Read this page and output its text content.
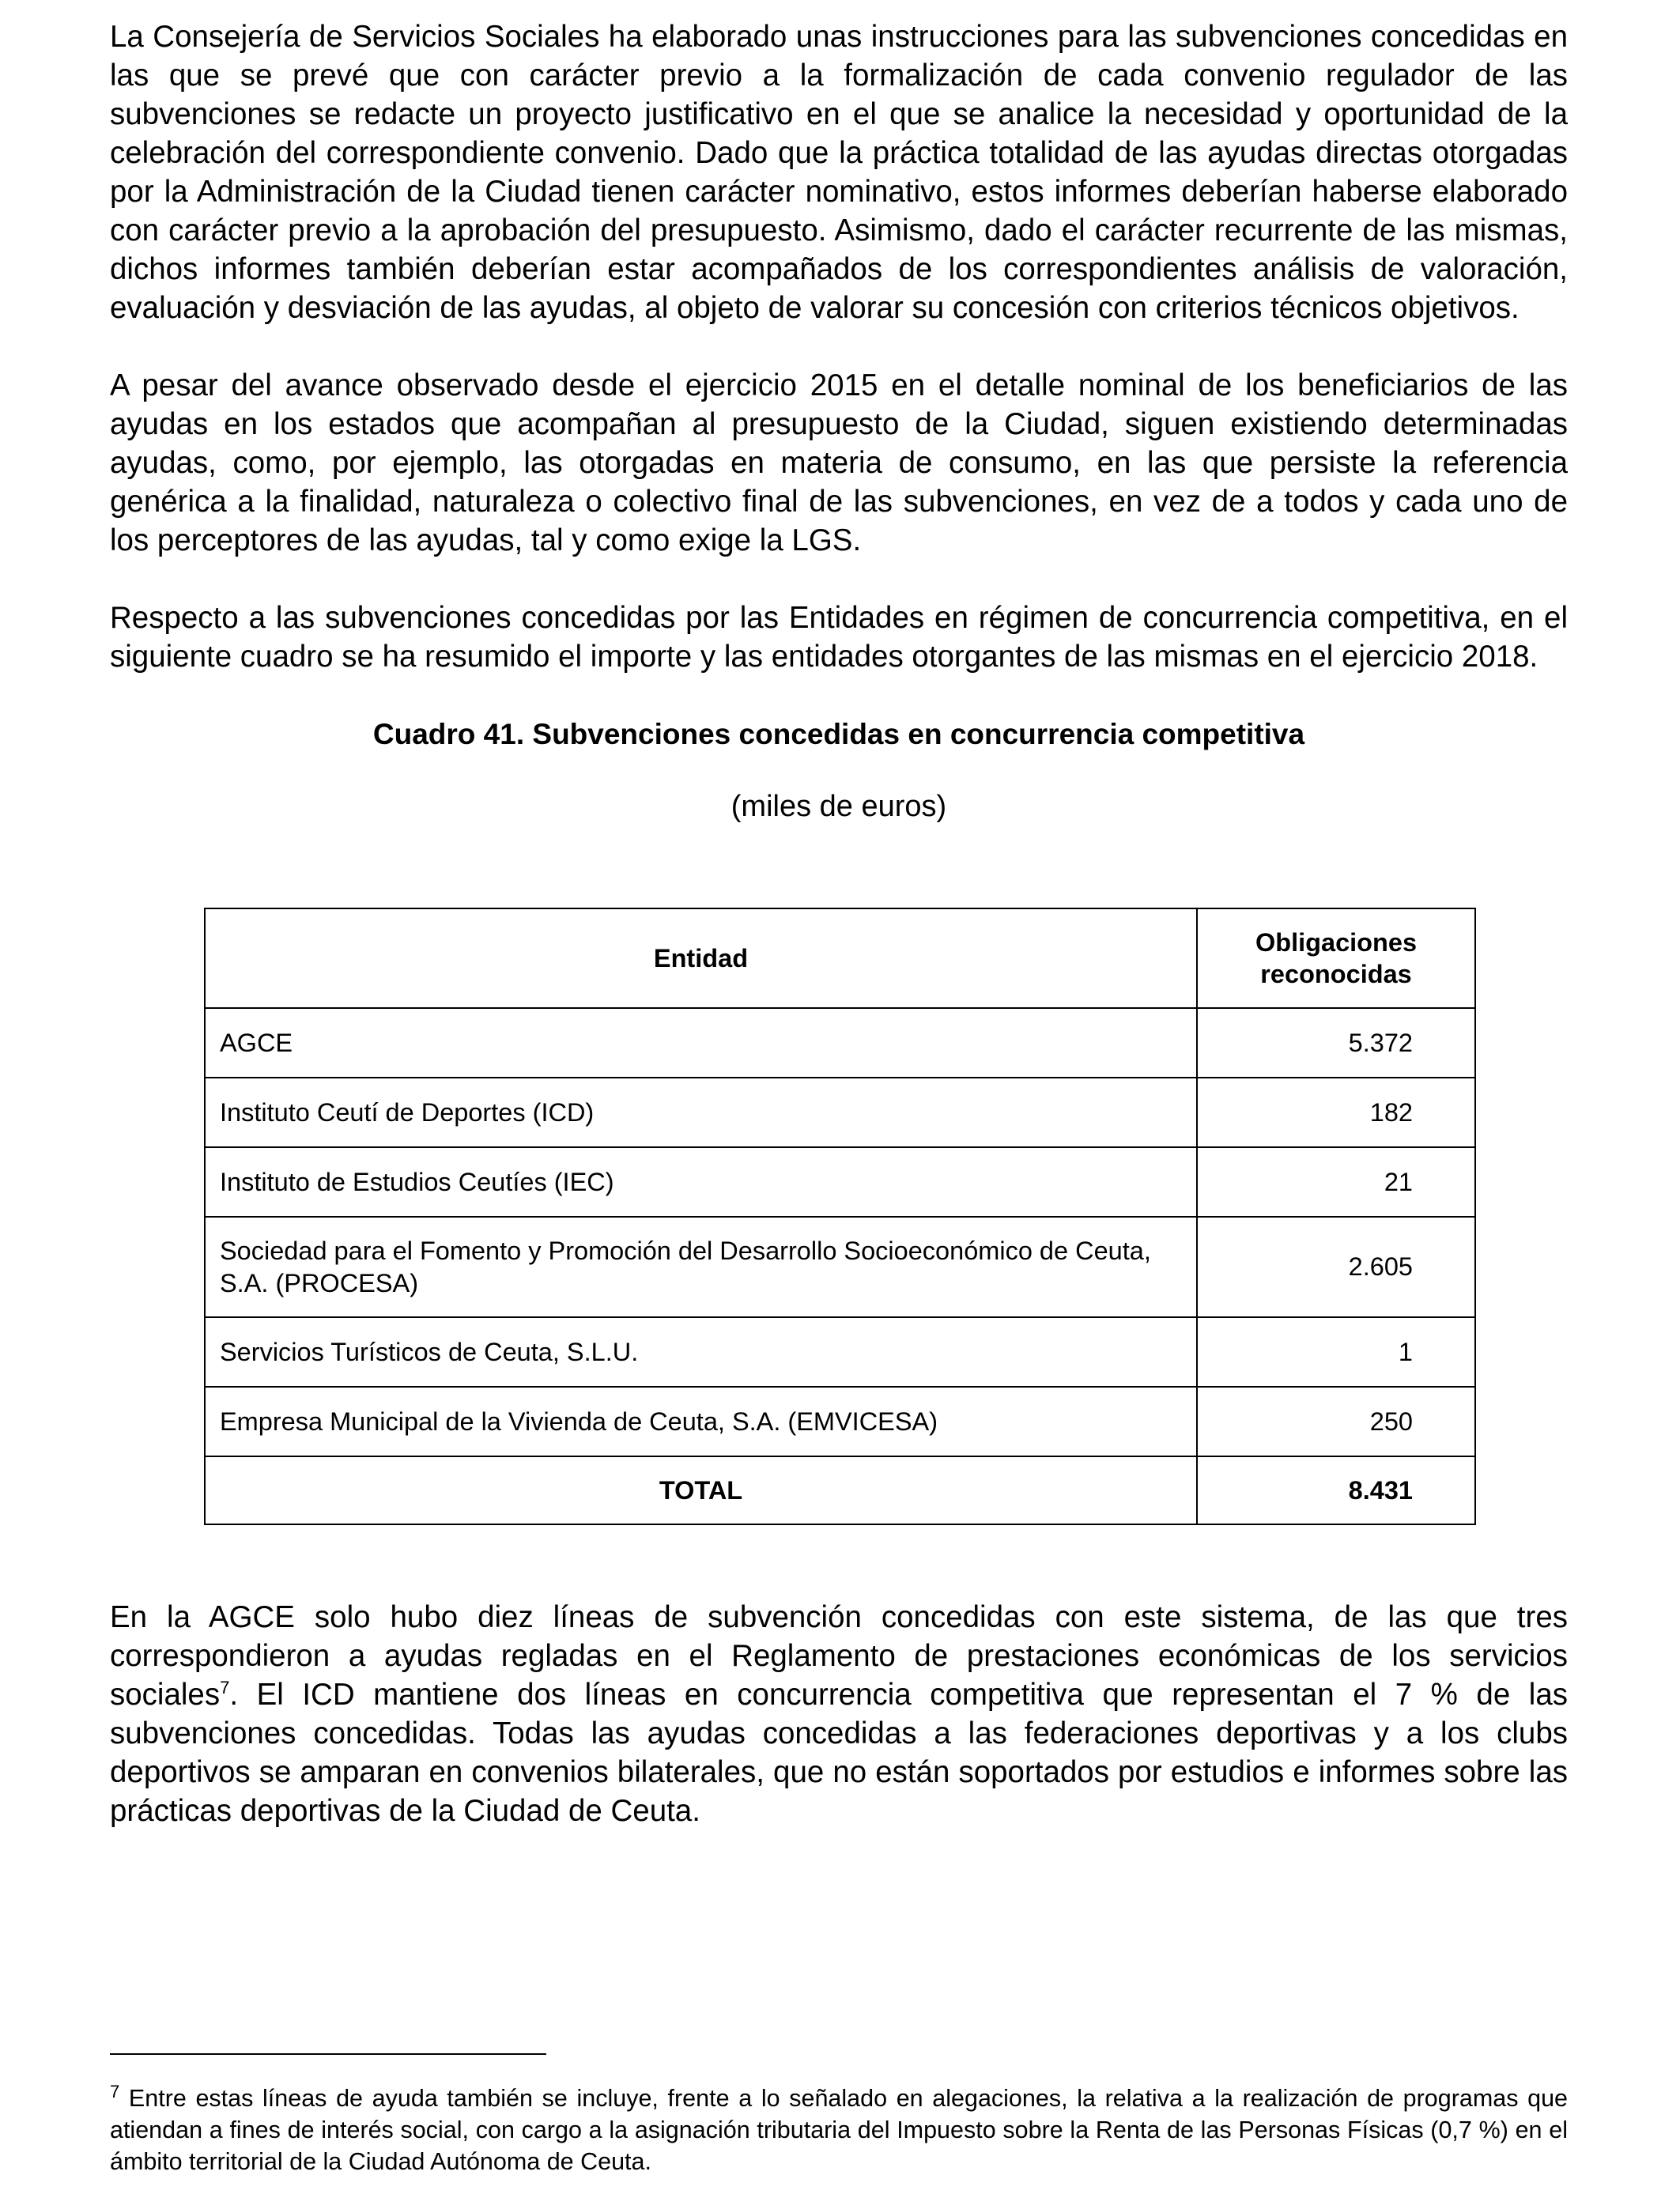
La Consejería de Servicios Sociales ha elaborado unas instrucciones para las subvenciones concedidas en las que se prevé que con carácter previo a la formalización de cada convenio regulador de las subvenciones se redacte un proyecto justificativo en el que se analice la necesidad y oportunidad de la celebración del correspondiente convenio. Dado que la práctica totalidad de las ayudas directas otorgadas por la Administración de la Ciudad tienen carácter nominativo, estos informes deberían haberse elaborado con carácter previo a la aprobación del presupuesto. Asimismo, dado el carácter recurrente de las mismas, dichos informes también deberían estar acompañados de los correspondientes análisis de valoración, evaluación y desviación de las ayudas, al objeto de valorar su concesión con criterios técnicos objetivos.

A pesar del avance observado desde el ejercicio 2015 en el detalle nominal de los beneficiarios de las ayudas en los estados que acompañan al presupuesto de la Ciudad, siguen existiendo determinadas ayudas, como, por ejemplo, las otorgadas en materia de consumo, en las que persiste la referencia genérica a la finalidad, naturaleza o colectivo final de las subvenciones, en vez de a todos y cada uno de los perceptores de las ayudas, tal y como exige la LGS.

Respecto a las subvenciones concedidas por las Entidades en régimen de concurrencia competitiva, en el siguiente cuadro se ha resumido el importe y las entidades otorgantes de las mismas en el ejercicio 2018.

Cuadro 41. Subvenciones concedidas en concurrencia competitiva

(miles de euros)

Entidad	Obligaciones reconocidas
AGCE	5.372
Instituto Ceutí de Deportes (ICD)	182
Instituto de Estudios Ceutíes (IEC)	21
Sociedad para el Fomento y Promoción del Desarrollo Socioeconómico de Ceuta, S.A. (PROCESA)	2.605
Servicios Turísticos de Ceuta, S.L.U.	1
Empresa Municipal de la Vivienda de Ceuta, S.A. (EMVICESA)	250
TOTAL	8.431

En la AGCE solo hubo diez líneas de subvención concedidas con este sistema, de las que tres correspondieron a ayudas regladas en el Reglamento de prestaciones económicas de los servicios sociales$^7$. El ICD mantiene dos líneas en concurrencia competitiva que representan el 7 % de las subvenciones concedidas. Todas las ayudas concedidas a las federaciones deportivas y a los clubs deportivos se amparan en convenios bilaterales, que no están soportados por estudios e informes sobre las prácticas deportivas de la Ciudad de Ceuta.

$^7$ Entre estas líneas de ayuda también se incluye, frente a lo señalado en alegaciones, la relativa a la realización de programas que atiendan a fines de interés social, con cargo a la asignación tributaria del Impuesto sobre la Renta de las Personas Físicas (0,7 %) en el ámbito territorial de la Ciudad Autónoma de Ceuta.
